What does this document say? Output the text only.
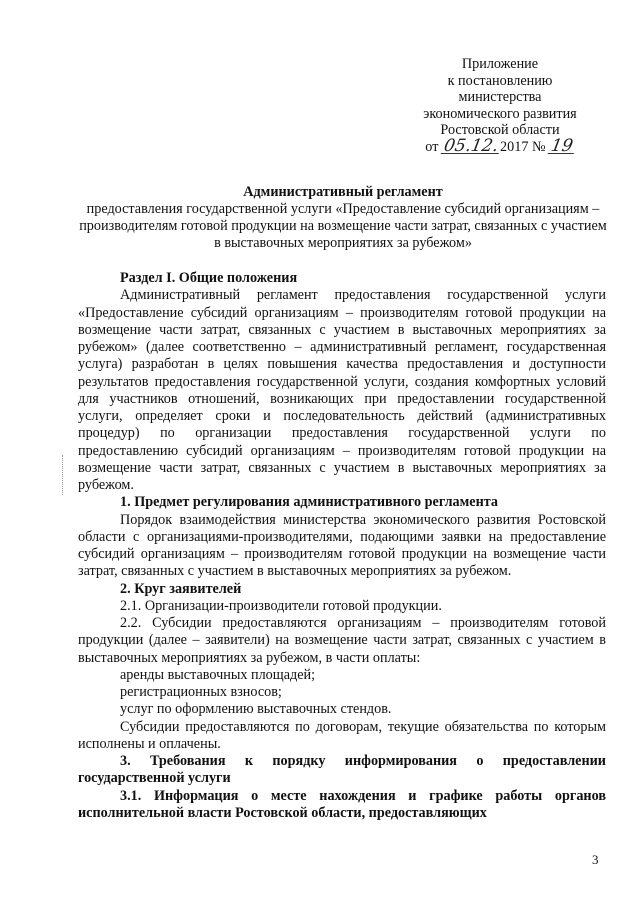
Приложение
к постановлению
министерства
экономического развития
Ростовской области
от 05.12.2017 № 19
Административный регламент
предоставления государственной услуги «Предоставление субсидий организациям – производителям готовой продукции на возмещение части затрат, связанных с участием в выставочных мероприятиях за рубежом»

Раздел I. Общие положения

Административный регламент предоставления государственной услуги «Предоставление субсидий организациям – производителям готовой продукции на возмещение части затрат, связанных с участием в выставочных мероприятиях за рубежом» (далее соответственно – административный регламент, государственная услуга) разработан в целях повышения качества предоставления и доступности результатов предоставления государственной услуги, создания комфортных условий для участников отношений, возникающих при предоставлении государственной услуги, определяет сроки и последовательность действий (административных процедур) по организации предоставления государственной услуги по предоставлению субсидий организациям – производителям готовой продукции на возмещение части затрат, связанных с участием в выставочных мероприятиях за рубежом.

1. Предмет регулирования административного регламента

Порядок взаимодействия министерства экономического развития Ростовской области с организациями-производителями, подающими заявки на предоставление субсидий организациям – производителям готовой продукции на возмещение части затрат, связанных с участием в выставочных мероприятиях за рубежом.

2. Круг заявителей

2.1. Организации-производители готовой продукции.

2.2. Субсидии предоставляются организациям – производителям готовой продукции (далее – заявители) на возмещение части затрат, связанных с участием в выставочных мероприятиях за рубежом, в части оплаты:

аренды выставочных площадей;

регистрационных взносов;

услуг по оформлению выставочных стендов.

Субсидии предоставляются по договорам, текущие обязательства по которым исполнены и оплачены.

3. Требования к порядку информирования о предоставлении государственной услуги

3.1. Информация о месте нахождения и графике работы органов исполнительной власти Ростовской области, предоставляющих

3
